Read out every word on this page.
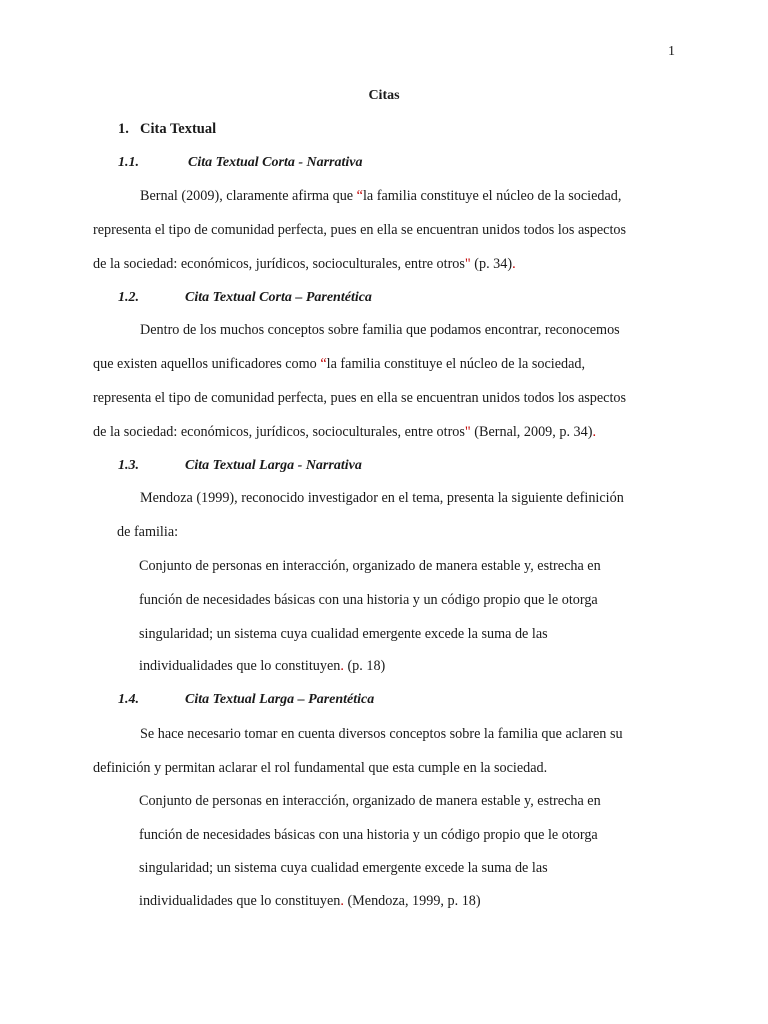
1
Citas
1. Cita Textual
1.1.	Cita Textual Corta - Narrativa
Bernal (2009), claramente afirma que “la familia constituye el núcleo de la sociedad,
representa el tipo de comunidad perfecta, pues en ella se encuentran unidos todos los aspectos
de la sociedad: económicos, jurídicos, socioculturales, entre otros" (p. 34).
1.2.	Cita Textual Corta – Parentética
Dentro de los muchos conceptos sobre familia que podamos encontrar, reconocemos
que existen aquellos unificadores como “la familia constituye el núcleo de la sociedad,
representa el tipo de comunidad perfecta, pues en ella se encuentran unidos todos los aspectos
de la sociedad: económicos, jurídicos, socioculturales, entre otros" (Bernal, 2009, p. 34).
1.3.	Cita Textual Larga - Narrativa
Mendoza (1999), reconocido investigador en el tema, presenta la siguiente definición
de familia:
Conjunto de personas en interacción, organizado de manera estable y, estrecha en
función de necesidades básicas con una historia y un código propio que le otorga
singularidad; un sistema cuya cualidad emergente excede la suma de las
individualidades que lo constituyen. (p. 18)
1.4.	Cita Textual Larga – Parentética
Se hace necesario tomar en cuenta diversos conceptos sobre la familia que aclaren su
definición y permitan aclarar el rol fundamental que esta cumple en la sociedad.
Conjunto de personas en interacción, organizado de manera estable y, estrecha en
función de necesidades básicas con una historia y un código propio que le otorga
singularidad; un sistema cuya cualidad emergente excede la suma de las
individualidades que lo constituyen. (Mendoza, 1999, p. 18)
